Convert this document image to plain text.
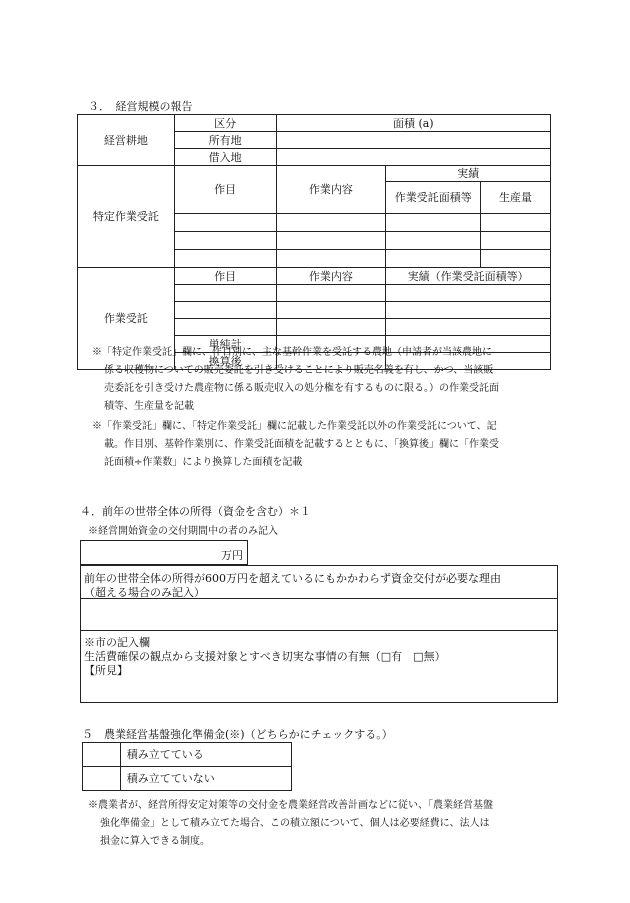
３．　経営規模の報告
経営耕地	区分	面積 (a)		
	所有地			
	借入地			
特定作業受託	作目	作業内容	実績	
			作業受託面積等	生産量

作業受託	作目	作業内容	実績（作業受託面積等）	

	単純計			
	換算後			
※「特定作業受託」欄に、作目別に、主な基幹作業を受託する農地（申請者が当該農地に
係る収穫物についての販売委託を引き受けることにより販売名義を有し、かつ、当該販
売委託を引き受けた農産物に係る販売収入の処分権を有するものに限る。）の作業受託面
積等、生産量を記載
※「作業受託」欄に、「特定作業受託」欄に記載した作業受託以外の作業受託について、記
載。作目別、基幹作業別に、作業受託面積を記載するとともに、「換算後」欄に「作業受
託面積÷作業数」により換算した面積を記載
４．前年の世帯全体の所得（資金を含む）＊１
※経営開始資金の交付期間中の者のみ記入
万円
前年の世帯全体の所得が600万円を超えているにもかかわらず資金交付が必要な理由
（超える場合のみ記入）
※市の記入欄
生活費確保の観点から支援対象とすべき切実な事情の有無（□有　□無）
【所見】
５　農業経営基盤強化準備金(※)（どちらかにチェックする。）
	積み立てている
	積み立てていない
※農業者が、経営所得安定対策等の交付金を農業経営改善計画などに従い、「農業経営基盤
強化準備金」として積み立てた場合、この積立額について、個人は必要経費に、法人は
損金に算入できる制度。
